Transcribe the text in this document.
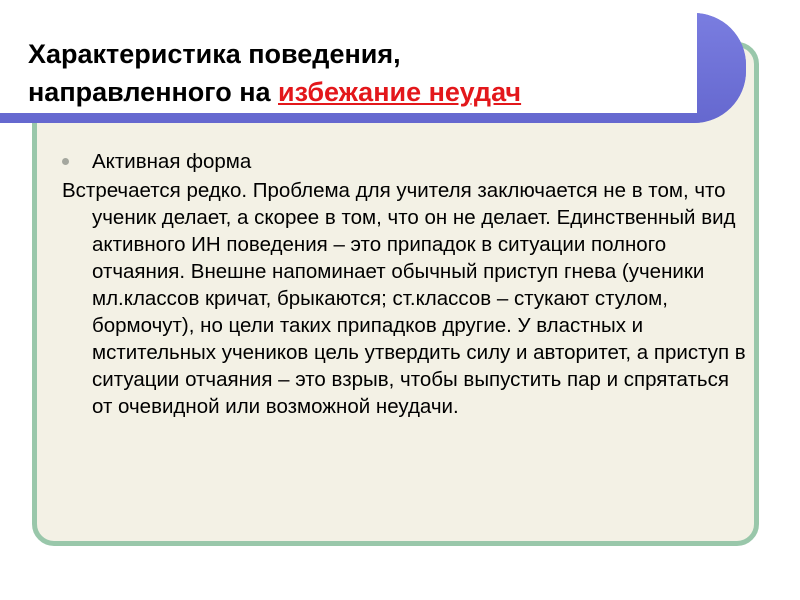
Характеристика поведения,
направленного на избежание неудач
Активная форма

Встречается редко. Проблема для учителя заключается не в том, что ученик делает, а скорее в том, что он не делает. Единственный вид активного ИН поведения – это припадок в ситуации полного отчаяния. Внешне напоминает обычный приступ гнева (ученики мл.классов кричат, брыкаются; ст.классов – стукают стулом, бормочут), но цели таких припадков другие. У властных и мстительных учеников цель утвердить силу и авторитет, а приступ в ситуации отчаяния – это взрыв, чтобы выпустить пар и спрятаться от очевидной или возможной неудачи.
